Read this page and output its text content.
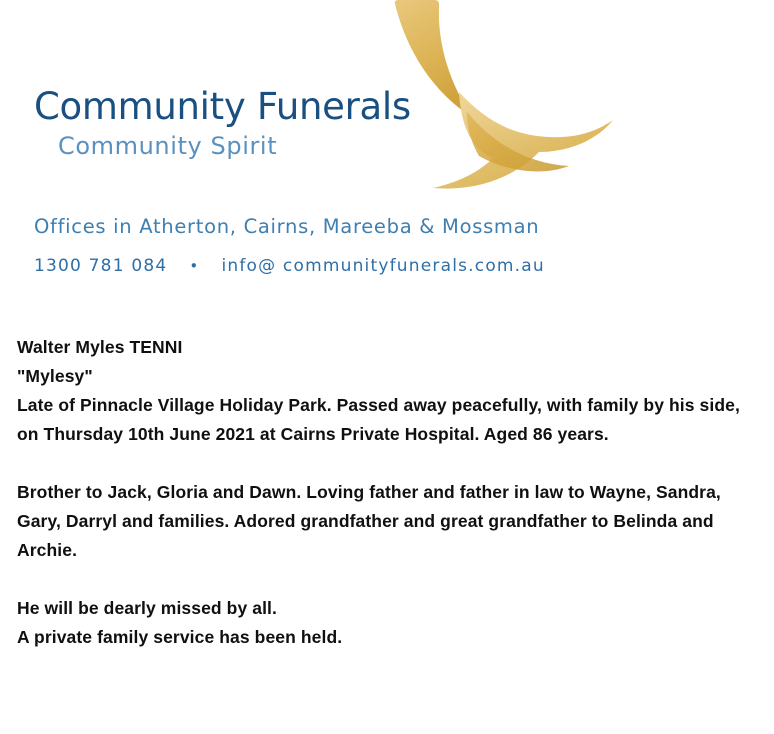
Community Funerals
Community Spirit
Offices in Atherton, Cairns, Mareeba & Mossman
1300 781 084 • info@ communityfunerals.com.au

Walter Myles TENNI

"Mylesy"

Late of Pinnacle Village Holiday Park. Passed away peacefully, with family by his side, on Thursday 10th June 2021 at Cairns Private Hospital. Aged 86 years.

Brother to Jack, Gloria and Dawn. Loving father and father in law to Wayne, Sandra, Gary, Darryl and families. Adored grandfather and great grandfather to Belinda and Archie.

He will be dearly missed by all.

A private family service has been held.
